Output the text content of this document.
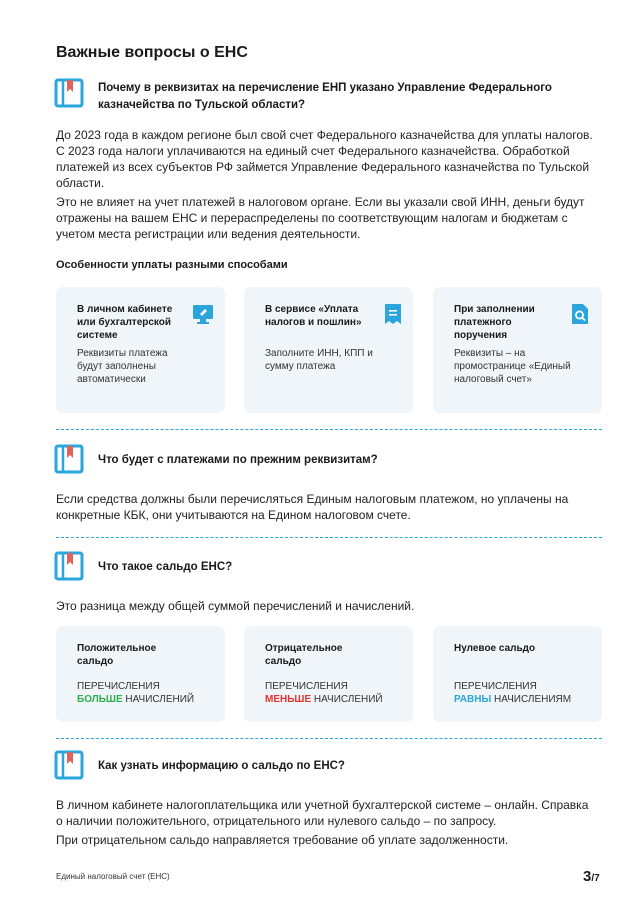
Важные вопросы о ЕНС
Почему в реквизитах на перечисление ЕНП указано Управление Федерального казначейства по Тульской области?
До 2023 года в каждом регионе был свой счет Федерального казначейства для уплаты налогов. С 2023 года налоги уплачиваются на единый счет Федерального казначейства. Обработкой платежей из всех субъектов РФ займется Управление Федерального казначейства по Тульской области.
Это не влияет на учет платежей в налоговом органе. Если вы указали свой ИНН, деньги будут отражены на вашем ЕНС и перераспределены по соответствующим налогам и бюджетам с учетом места регистрации или ведения деятельности.
Особенности уплаты разными способами
В личном кабинете или бухгалтерской системе
Реквизиты платежа будут заполнены автоматически
В сервисе «Уплата налогов и пошлин»
Заполните ИНН, КПП и сумму платежа
При заполнении платежного поручения
Реквизиты – на промостранице «Единый налоговый счет»
Что будет с платежами по прежним реквизитам?
Если средства должны были перечисляться Единым налоговым платежом, но уплачены на конкретные КБК, они учитываются на Едином налоговом счете.
Что такое сальдо ЕНС?
Это разница между общей суммой перечислений и начислений.
Положительное сальдо
ПЕРЕЧИСЛЕНИЯ
БОЛЬШЕ НАЧИСЛЕНИЙ
Отрицательное сальдо
ПЕРЕЧИСЛЕНИЯ
МЕНЬШЕ НАЧИСЛЕНИЙ
Нулевое сальдо
ПЕРЕЧИСЛЕНИЯ
РАВНЫ НАЧИСЛЕНИЯМ
Как узнать информацию о сальдо по ЕНС?
В личном кабинете налогоплательщика или учетной бухгалтерской системе – онлайн. Справка о наличии положительного, отрицательного или нулевого сальдо – по запросу.
При отрицательном сальдо направляется требование об уплате задолженности.
Единый налоговый счет (ЕНС)	3/7
